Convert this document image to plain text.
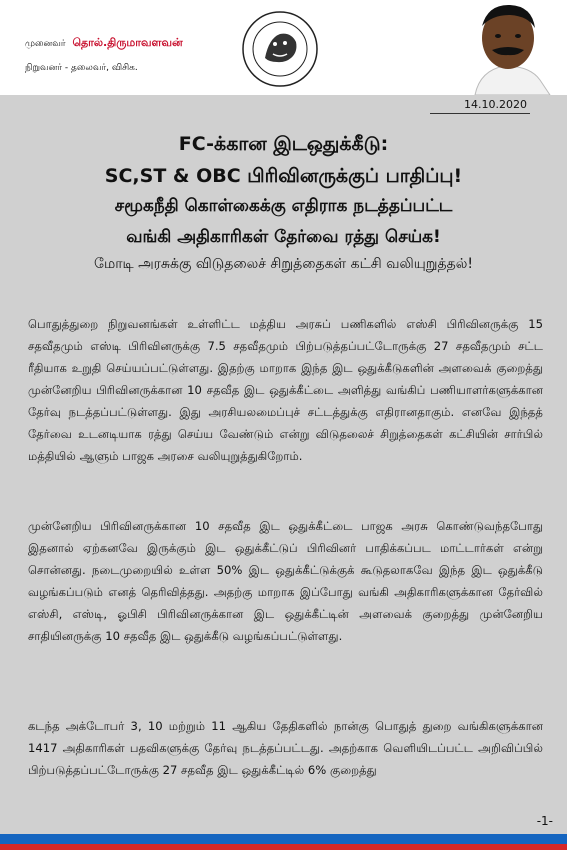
முனைவர் தொல்.திருமாவளவன்
நிறுவனர் - தலைவர், விசிக.
14.10.2020
FC-க்கான இடஒதுக்கீடு:
SC,ST & OBC பிரிவினருக்குப் பாதிப்பு!
சமூகநீதி கொள்கைக்கு எதிராக நடத்தப்பட்ட
வங்கி அதிகாரிகள் தேர்வை ரத்து செய்க!
மோடி அரசுக்கு விடுதலைச் சிறுத்தைகள் கட்சி வலியுறுத்தல்!
பொதுத்துறை நிறுவனங்கள் உள்ளிட்ட மத்திய அரசுப் பணிகளில் எஸ்சி பிரிவினருக்கு 15 சதவீதமும் எஸ்டி பிரிவினருக்கு 7.5 சதவீதமும் பிற்படுத்தப்பட்டோருக்கு 27 சதவீதமும் சட்ட ரீதியாக உறுதி செய்யப்பட்டுள்ளது. இதற்கு மாறாக இந்த இட ஒதுக்கீடுகளின் அளவைக் குறைத்து முன்னேறிய பிரிவினருக்கான 10 சதவீத இட ஒதுக்கீட்டை அளித்து வங்கிப் பணியாளர்களுக்கான தேர்வு நடத்தப்பட்டுள்ளது. இது அரசியலமைப்புச் சட்டத்துக்கு எதிரானதாகும். எனவே இந்தத் தேர்வை உடனடியாக ரத்து செய்ய வேண்டும் என்று விடுதலைச் சிறுத்தைகள் கட்சியின் சார்பில் மத்தியில் ஆளும் பாஜக அரசை வலியுறுத்துகிறோம்.
முன்னேறிய பிரிவினருக்கான 10 சதவீத இட ஒதுக்கீட்டை பாஜக அரசு கொண்டுவந்தபோது இதனால் ஏற்கனவே இருக்கும் இட ஒதுக்கீட்டுப் பிரிவினர் பாதிக்கப்பட மாட்டார்கள் என்று சொன்னது. நடைமுறையில் உள்ள 50% இட ஒதுக்கீட்டுக்குக் கூடுதலாகவே இந்த இட ஒதுக்கீடு வழங்கப்படும் எனத் தெரிவித்தது. அதற்கு மாறாக இப்போது வங்கி அதிகாரிகளுக்கான தேர்வில் எஸ்சி, எஸ்டி, ஓபிசி பிரிவினருக்கான இட ஒதுக்கீட்டின் அளவைக் குறைத்து முன்னேறிய சாதியினருக்கு 10 சதவீத இட ஒதுக்கீடு வழங்கப்பட்டுள்ளது.
கடந்த அக்டோபர் 3, 10 மற்றும் 11 ஆகிய தேதிகளில் நான்கு பொதுத் துறை வங்கிகளுக்கான 1417 அதிகாரிகள் பதவிகளுக்கு தேர்வு நடத்தப்பட்டது. அதற்காக வெளியிடப்பட்ட அறிவிப்பில் பிற்படுத்தப்பட்டோருக்கு 27 சதவீத இட ஒதுக்கீட்டில் 6% குறைத்து
-1-
